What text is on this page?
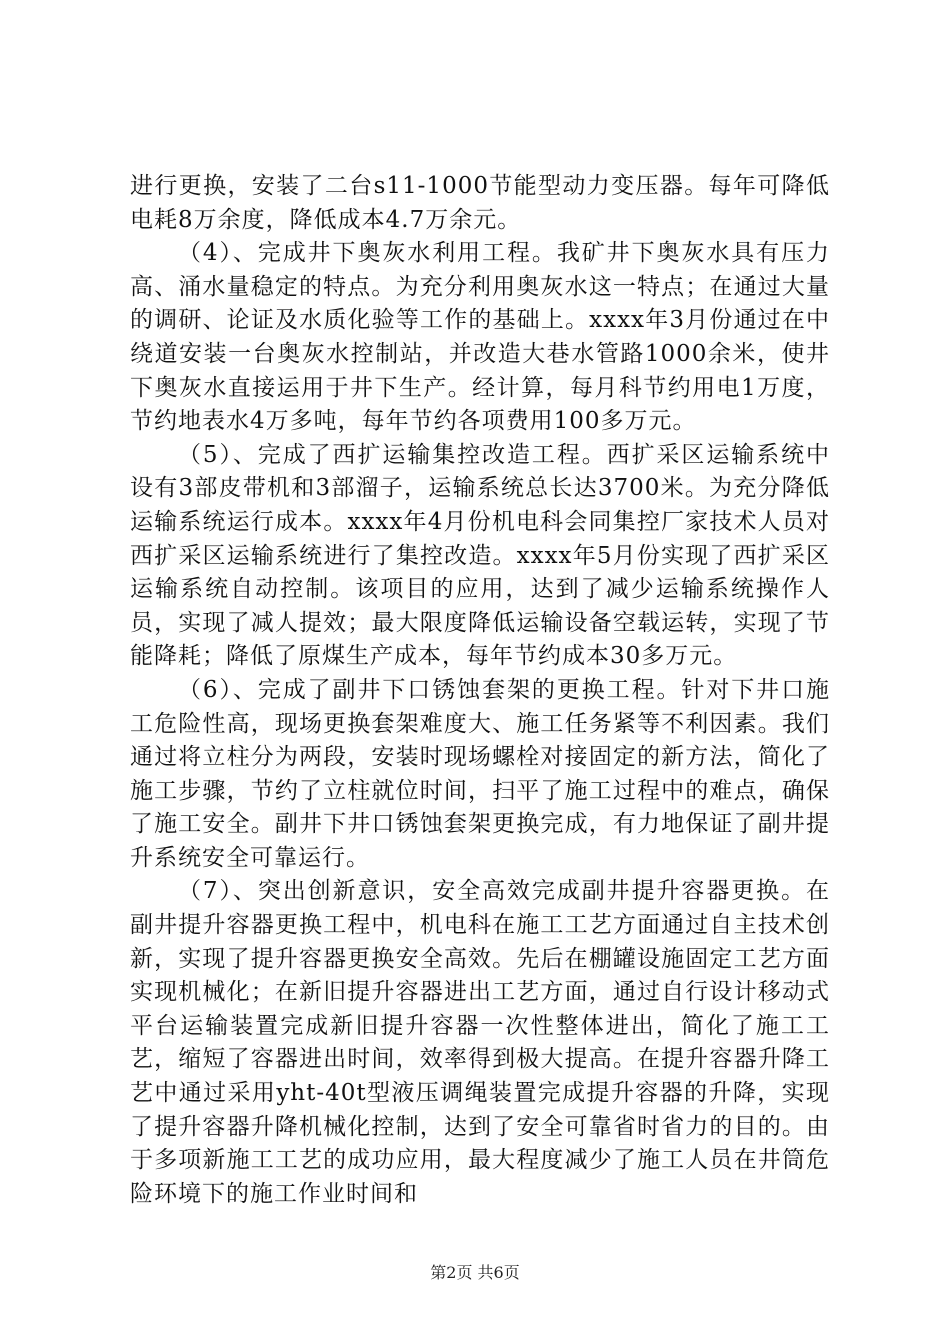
进行更换，安装了二台s11-1000节能型动力变压器。每年可降低电耗8万余度，降低成本4.7万余元。

（4）、完成井下奥灰水利用工程。我矿井下奥灰水具有压力高、涌水量稳定的特点。为充分利用奥灰水这一特点；在通过大量的调研、论证及水质化验等工作的基础上。xxxx年3月份通过在中绕道安装一台奥灰水控制站，并改造大巷水管路1000余米，使井下奥灰水直接运用于井下生产。经计算，每月科节约用电1万度，节约地表水4万多吨，每年节约各项费用100多万元。

（5）、完成了西扩运输集控改造工程。西扩采区运输系统中设有3部皮带机和3部溜子，运输系统总长达3700米。为充分降低运输系统运行成本。xxxx年4月份机电科会同集控厂家技术人员对西扩采区运输系统进行了集控改造。xxxx年5月份实现了西扩采区运输系统自动控制。该项目的应用，达到了减少运输系统操作人员，实现了减人提效；最大限度降低运输设备空载运转，实现了节能降耗；降低了原煤生产成本，每年节约成本30多万元。

（6）、完成了副井下口锈蚀套架的更换工程。针对下井口施工危险性高，现场更换套架难度大、施工任务紧等不利因素。我们通过将立柱分为两段，安装时现场螺栓对接固定的新方法，简化了施工步骤，节约了立柱就位时间，扫平了施工过程中的难点，确保了施工安全。副井下井口锈蚀套架更换完成，有力地保证了副井提升系统安全可靠运行。

（7）、突出创新意识，安全高效完成副井提升容器更换。在副井提升容器更换工程中，机电科在施工工艺方面通过自主技术创新，实现了提升容器更换安全高效。先后在棚罐设施固定工艺方面实现机械化；在新旧提升容器进出工艺方面，通过自行设计移动式平台运输装置完成新旧提升容器一次性整体进出，简化了施工工艺，缩短了容器进出时间，效率得到极大提高。在提升容器升降工艺中通过采用yht-40t型液压调绳装置完成提升容器的升降，实现了提升容器升降机械化控制，达到了安全可靠省时省力的目的。由于多项新施工工艺的成功应用，最大程度减少了施工人员在井筒危险环境下的施工作业时间和

第2页 共6页
